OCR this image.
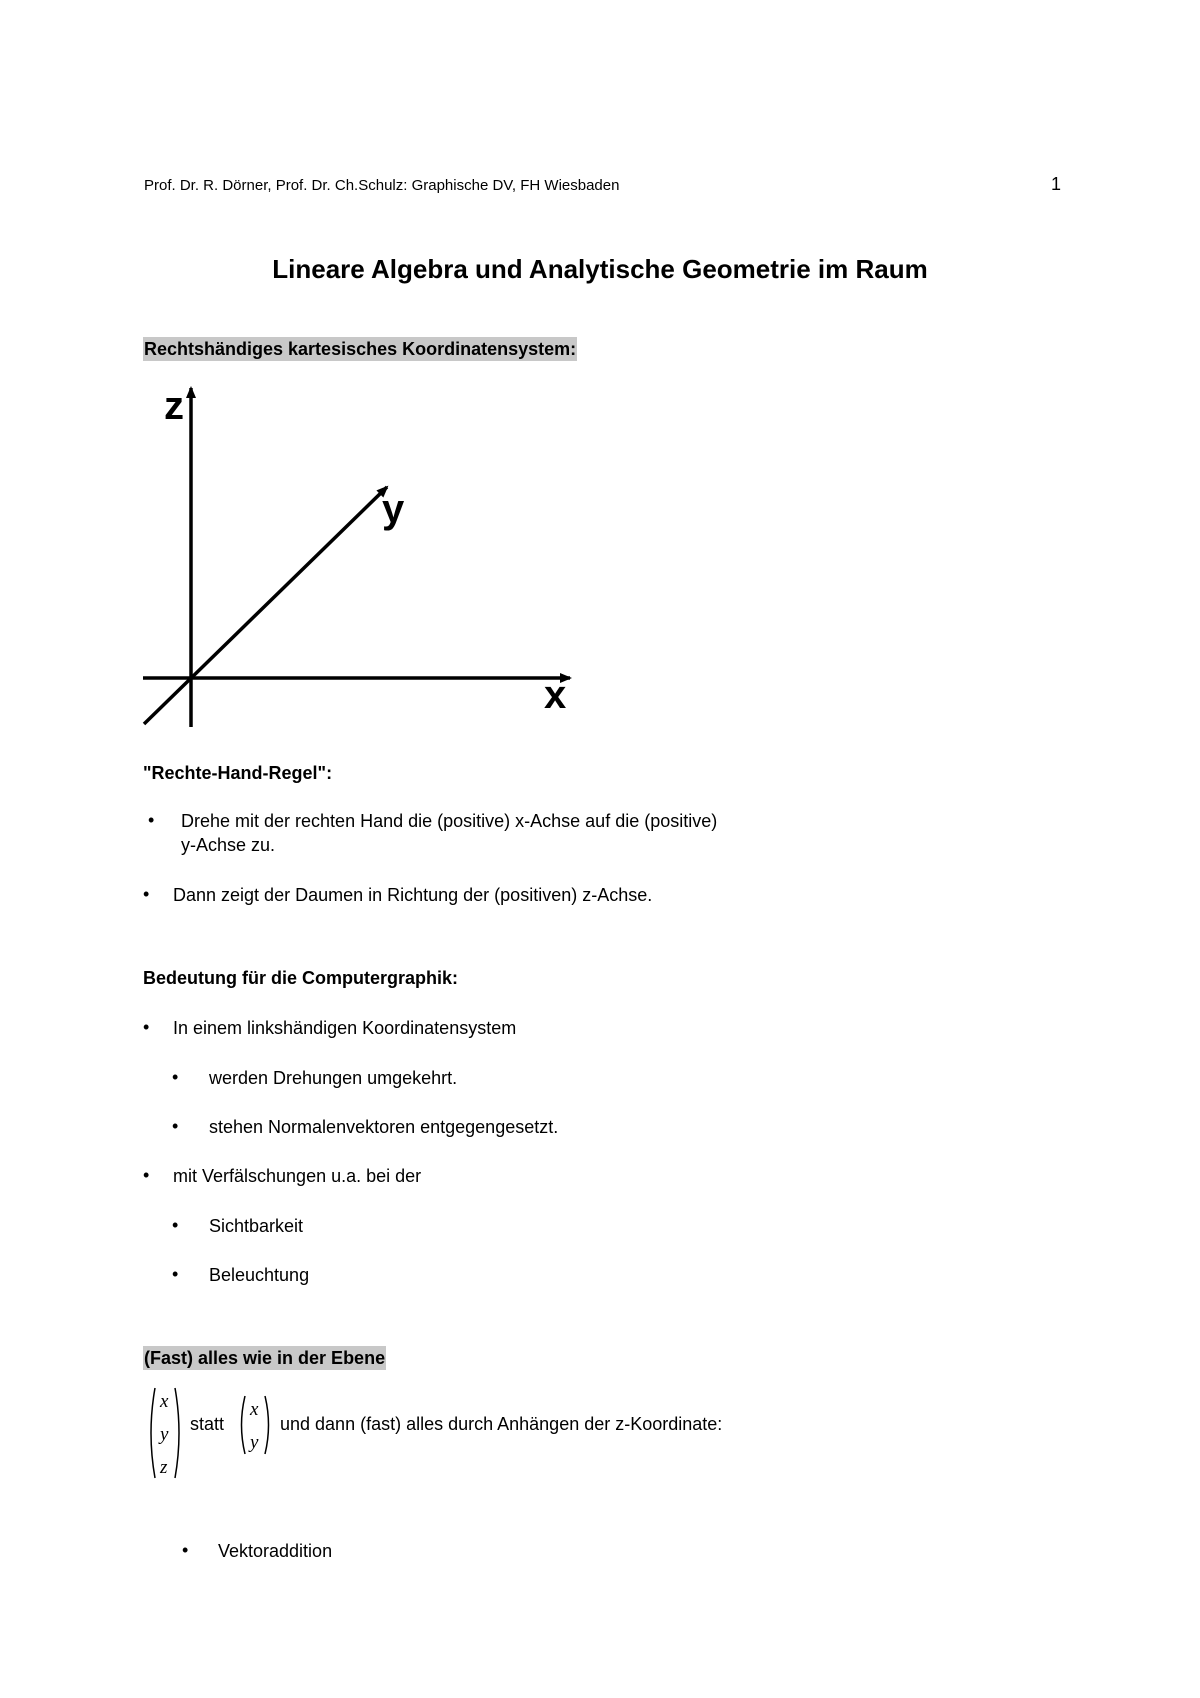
Prof. Dr. R. Dörner, Prof. Dr. Ch.Schulz: Graphische DV, FH Wiesbaden	1
Lineare Algebra und Analytische Geometrie im Raum
Rechtshändiges kartesisches Koordinatensystem:
z
y
x
"Rechte-Hand-Regel":
• Drehe mit der rechten Hand die (positive) x-Achse auf die (positive)
y-Achse zu.
• Dann zeigt der Daumen in Richtung der (positiven) z-Achse.
Bedeutung für die Computergraphik:
• In einem linkshändigen Koordinatensystem
• werden Drehungen umgekehrt.
• stehen Normalenvektoren entgegengesetzt.
• mit Verfälschungen u.a. bei der
• Sichtbarkeit
• Beleuchtung
(Fast) alles wie in der Ebene
x
y
z
statt
x
y
und dann (fast) alles durch Anhängen der z-Koordinate:
• Vektoraddition
